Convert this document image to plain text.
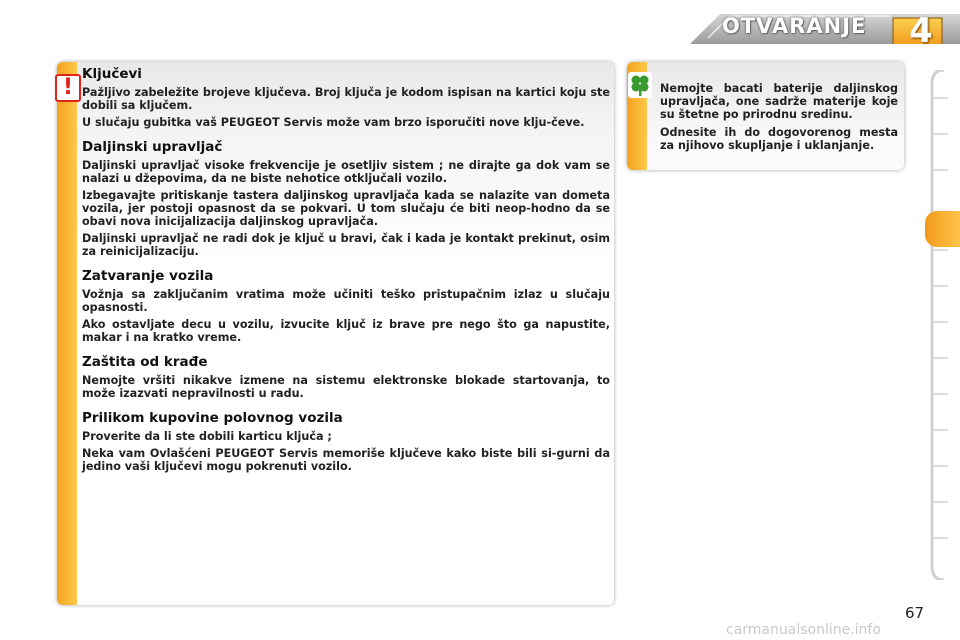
OTVARANJE 4
!
Ključevi

Pažljivo zabeležite brojeve ključeva. Broj ključa je kodom ispisan na kartici koju ste dobili sa ključem.

U slučaju gubitka vaš PEUGEOT Servis može vam brzo isporučiti nove klju-čeve.

Daljinski upravljač

Daljinski upravljač visoke frekvencije je osetljiv sistem ; ne dirajte ga dok vam se nalazi u džepovima, da ne biste nehotice otključali vozilo.

Izbegavajte pritiskanje tastera daljinskog upravljača kada se nalazite van dometa vozila, jer postoji opasnost da se pokvari. U tom slučaju će biti neop-hodno da se obavi nova inicijalizacija daljinskog upravljača.

Daljinski upravljač ne radi dok je ključ u bravi, čak i kada je kontakt prekinut, osim za reinicijalizaciju.

Zatvaranje vozila

Vožnja sa zaključanim vratima može učiniti teško pristupačnim izlaz u slučaju opasnosti.

Ako ostavljate decu u vozilu, izvucite ključ iz brave pre nego što ga napustite, makar i na kratko vreme.

Zaštita od krađe

Nemojte vršiti nikakve izmene na sistemu elektronske blokade startovanja, to može izazvati nepravilnosti u radu.

Prilikom kupovine polovnog vozila

Proverite da li ste dobili karticu ključa ;

Neka vam Ovlašćeni PEUGEOT Servis memoriše ključeve kako biste bili si-gurni da jedino vaši ključevi mogu pokrenuti vozilo.

Nemojte bacati baterije daljinskog upravljača, one sadrže materije koje su štetne po prirodnu sredinu.

Odnesite ih do dogovorenog mesta za njihovo skupljanje i uklanjanje.

67
carmanualsonline.info
